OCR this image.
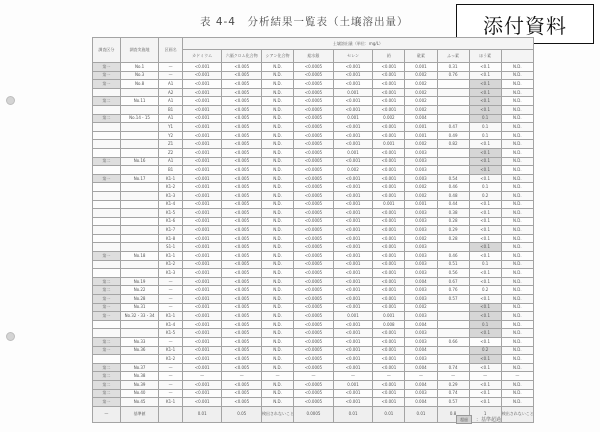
添付資料
表 4-4　分析結果一覧表（土壌溶出量）
調査区分	調査実施地	区画名	土壌溶出量（単位：mg/L）									
			カドミウム	六価クロム化合物	シアン化合物	総水銀	セレン	鉛	砒素	ふっ素	ほう素	
第一	No.1	—	<0.001	<0.005	N.D.	<0.0005	<0.001	<0.001	0.001	0.31	<0.1	N.D.
第一	No.3	—	<0.001	<0.005	N.D.	<0.0005	<0.001	<0.001	0.002	0.76	<0.1	N.D.
第一	No.8	A1	<0.001	<0.005	N.D.	<0.0005	<0.001	<0.001	0.002		<0.1	N.D.
		A2	<0.001	<0.005	N.D.	<0.0005	0.001	<0.001	0.002		<0.1	N.D.
第二	No.11	A1	<0.001	<0.005	N.D.	<0.0005	<0.001	<0.001	0.002		<0.1	N.D.
		B1	<0.001	<0.005	N.D.	<0.0005	<0.001	<0.001	0.002		<0.1	N.D.
第二	No.14・15	A1	<0.001	<0.005	N.D.	<0.0005	0.001	0.002	0.004		0.1	N.D.
		Y1	<0.001	<0.005	N.D.	<0.0005	<0.001	<0.001	0.001	0.47	0.1	N.D.
		Y2	<0.001	<0.005	N.D.	<0.0005	<0.001	<0.001	0.001	0.49	0.1	N.D.
		Z1	<0.001	<0.005	N.D.	<0.0005	<0.001	0.001	0.002	0.82	<0.1	N.D.
		Z2	<0.001	<0.005	N.D.	<0.0005	0.001	<0.001	0.003		<0.1	N.D.
第二	No.16	A1	<0.001	<0.005	N.D.	<0.0005	<0.001	<0.001	0.003		<0.1	N.D.
		B1	<0.001	<0.005	N.D.	<0.0005	0.002	<0.001	0.003		<0.1	N.D.
第一	No.17	K1-1	<0.001	<0.005	N.D.	<0.0005	<0.001	<0.001	0.003	0.54	<0.1	N.D.
		K1-2	<0.001	<0.005	N.D.	<0.0005	<0.001	<0.001	0.002	0.46	0.1	N.D.
		K1-3	<0.001	<0.005	N.D.	<0.0005	<0.001	<0.001	0.002	0.48	0.2	N.D.
		K1-4	<0.001	<0.005	N.D.	<0.0005	<0.001	0.001	0.001	0.44	<0.1	N.D.
		K1-5	<0.001	<0.005	N.D.	<0.0005	<0.001	<0.001	0.003	0.38	<0.1	N.D.
		K1-6	<0.001	<0.005	N.D.	<0.0005	<0.001	<0.001	0.003	0.28	<0.1	N.D.
		K1-7	<0.001	<0.005	N.D.	<0.0005	<0.001	<0.001	0.003	0.29	<0.1	N.D.
		K1-8	<0.001	<0.005	N.D.	<0.0005	<0.001	<0.001	0.002	0.28	<0.1	N.D.
		S1-1	<0.001	<0.005	N.D.	<0.0005	<0.001	<0.001	0.003		<0.1	N.D.
第一	No.18	K1-1	<0.001	<0.005	N.D.	<0.0005	<0.001	<0.001	0.003	0.46	<0.1	N.D.
		K1-2	<0.001	<0.005	N.D.	<0.0005	<0.001	<0.001	0.003	0.51	0.1	N.D.
		K1-3	<0.001	<0.005	N.D.	<0.0005	<0.001	<0.001	0.003	0.56	<0.1	N.D.
第二	No.19	—	<0.001	<0.005	N.D.	<0.0005	<0.001	<0.001	0.004	0.67	<0.1	N.D.
第二	No.22	—	<0.001	<0.005	N.D.	<0.0005	<0.001	<0.001	0.003	0.76	0.2	N.D.
第一	No.28	—	<0.001	<0.005	N.D.	<0.0005	<0.001	<0.001	0.003	0.57	<0.1	N.D.
第一	No.31	—	<0.001	<0.005	N.D.	<0.0005	<0.001	<0.001	0.002		<0.1	N.D.
第一	No.32・33・34	K1-1	<0.001	<0.005	N.D.	<0.0005	0.001	0.001	0.003		<0.1	N.D.
		K1-4	<0.001	<0.005	N.D.	<0.0005	<0.001	0.008	0.004		0.1	N.D.
		K1-5	<0.001	<0.005	N.D.	<0.0005	<0.001	<0.001	0.003		<0.1	N.D.
第二	No.33	—	<0.001	<0.005	N.D.	<0.0005	<0.001	<0.001	0.003	0.66	<0.1	N.D.
第一	No.36	K1-1	<0.001	<0.005	N.D.	<0.0005	<0.001	<0.001	0.004		0.2	N.D.
		K1-2	<0.001	<0.005	N.D.	<0.0005	<0.001	<0.001	0.003		<0.1	N.D.
第二	No.37	—	<0.001	<0.005	N.D.	<0.0005	<0.001	<0.001	0.004	0.74	<0.1	N.D.
第二	No.38	—	—	—	—	—	—	—	—	—	—	—
第二	No.39	—	<0.001	<0.005	N.D.	<0.0005	0.001	<0.001	0.004	0.29	<0.1	N.D.
第二	No.40	—	<0.001	<0.005	N.D.	<0.0005	<0.001	<0.001	0.003	0.74	<0.1	N.D.
第一	No.45	K1-1	<0.001	<0.005	N.D.	<0.0005	<0.001	<0.001	0.004	0.57	<0.1	N.D.
—	基準値		0.01	0.05	検出されないこと	0.0005	0.01	0.01	0.01	0.8	1	検出されないこと
超過	：基準超過
